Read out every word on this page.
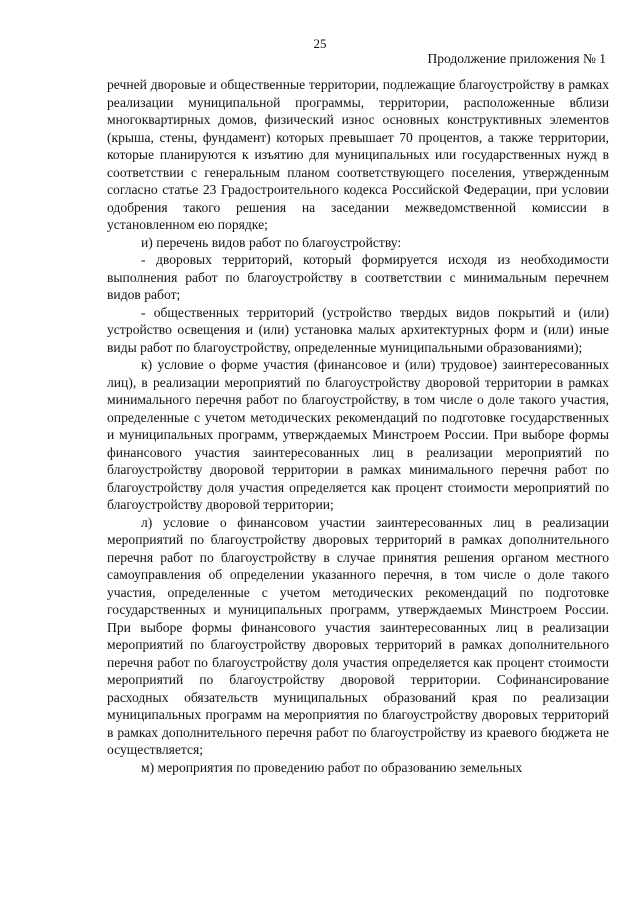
25
Продолжение приложения № 1

речней дворовые и общественные территории, подлежащие благоустройству в рамках реализации муниципальной программы, территории, расположенные вблизи многоквартирных домов, физический износ основных конструктивных элементов (крыша, стены, фундамент) которых превышает 70 процентов, а также территории, которые планируются к изъятию для муниципальных или государственных нужд в соответствии с генеральным планом соответствующего поселения, утвержденным согласно статье 23 Градостроительного кодекса Российской Федерации, при условии одобрения такого решения на заседании межведомственной комиссии в установленном ею порядке;

и) перечень видов работ по благоустройству:

- дворовых территорий, который формируется исходя из необходимости выполнения работ по благоустройству в соответствии с минимальным перечнем видов работ;

- общественных территорий (устройство твердых видов покрытий и (или) устройство освещения и (или) установка малых архитектурных форм и (или) иные виды работ по благоустройству, определенные муниципальными образованиями);

к) условие о форме участия (финансовое и (или) трудовое) заинтересованных лиц), в реализации мероприятий по благоустройству дворовой территории в рамках минимального перечня работ по благоустройству, в том числе о доле такого участия, определенные с учетом методических рекомендаций по подготовке государственных и муниципальных программ, утверждаемых Минстроем России. При выборе формы финансового участия заинтересованных лиц в реализации мероприятий по благоустройству дворовой территории в рамках минимального перечня работ по благоустройству доля участия определяется как процент стоимости мероприятий по благоустройству дворовой территории;

л) условие о финансовом участии заинтересованных лиц в реализации мероприятий по благоустройству дворовых территорий в рамках дополнительного перечня работ по благоустройству в случае принятия решения органом местного самоуправления об определении указанного перечня, в том числе о доле такого участия, определенные с учетом методических рекомендаций по подготовке государственных и муниципальных программ, утверждаемых Минстроем России. При выборе формы финансового участия заинтересованных лиц в реализации мероприятий по благоустройству дворовых территорий в рамках дополнительного перечня работ по благоустройству доля участия определяется как процент стоимости мероприятий по благоустройству дворовой территории. Софинансирование расходных обязательств муниципальных образований края по реализации муниципальных программ на мероприятия по благоустройству дворовых территорий в рамках дополнительного перечня работ по благоустройству из краевого бюджета не осуществляется;

м) мероприятия по проведению работ по образованию земельных
